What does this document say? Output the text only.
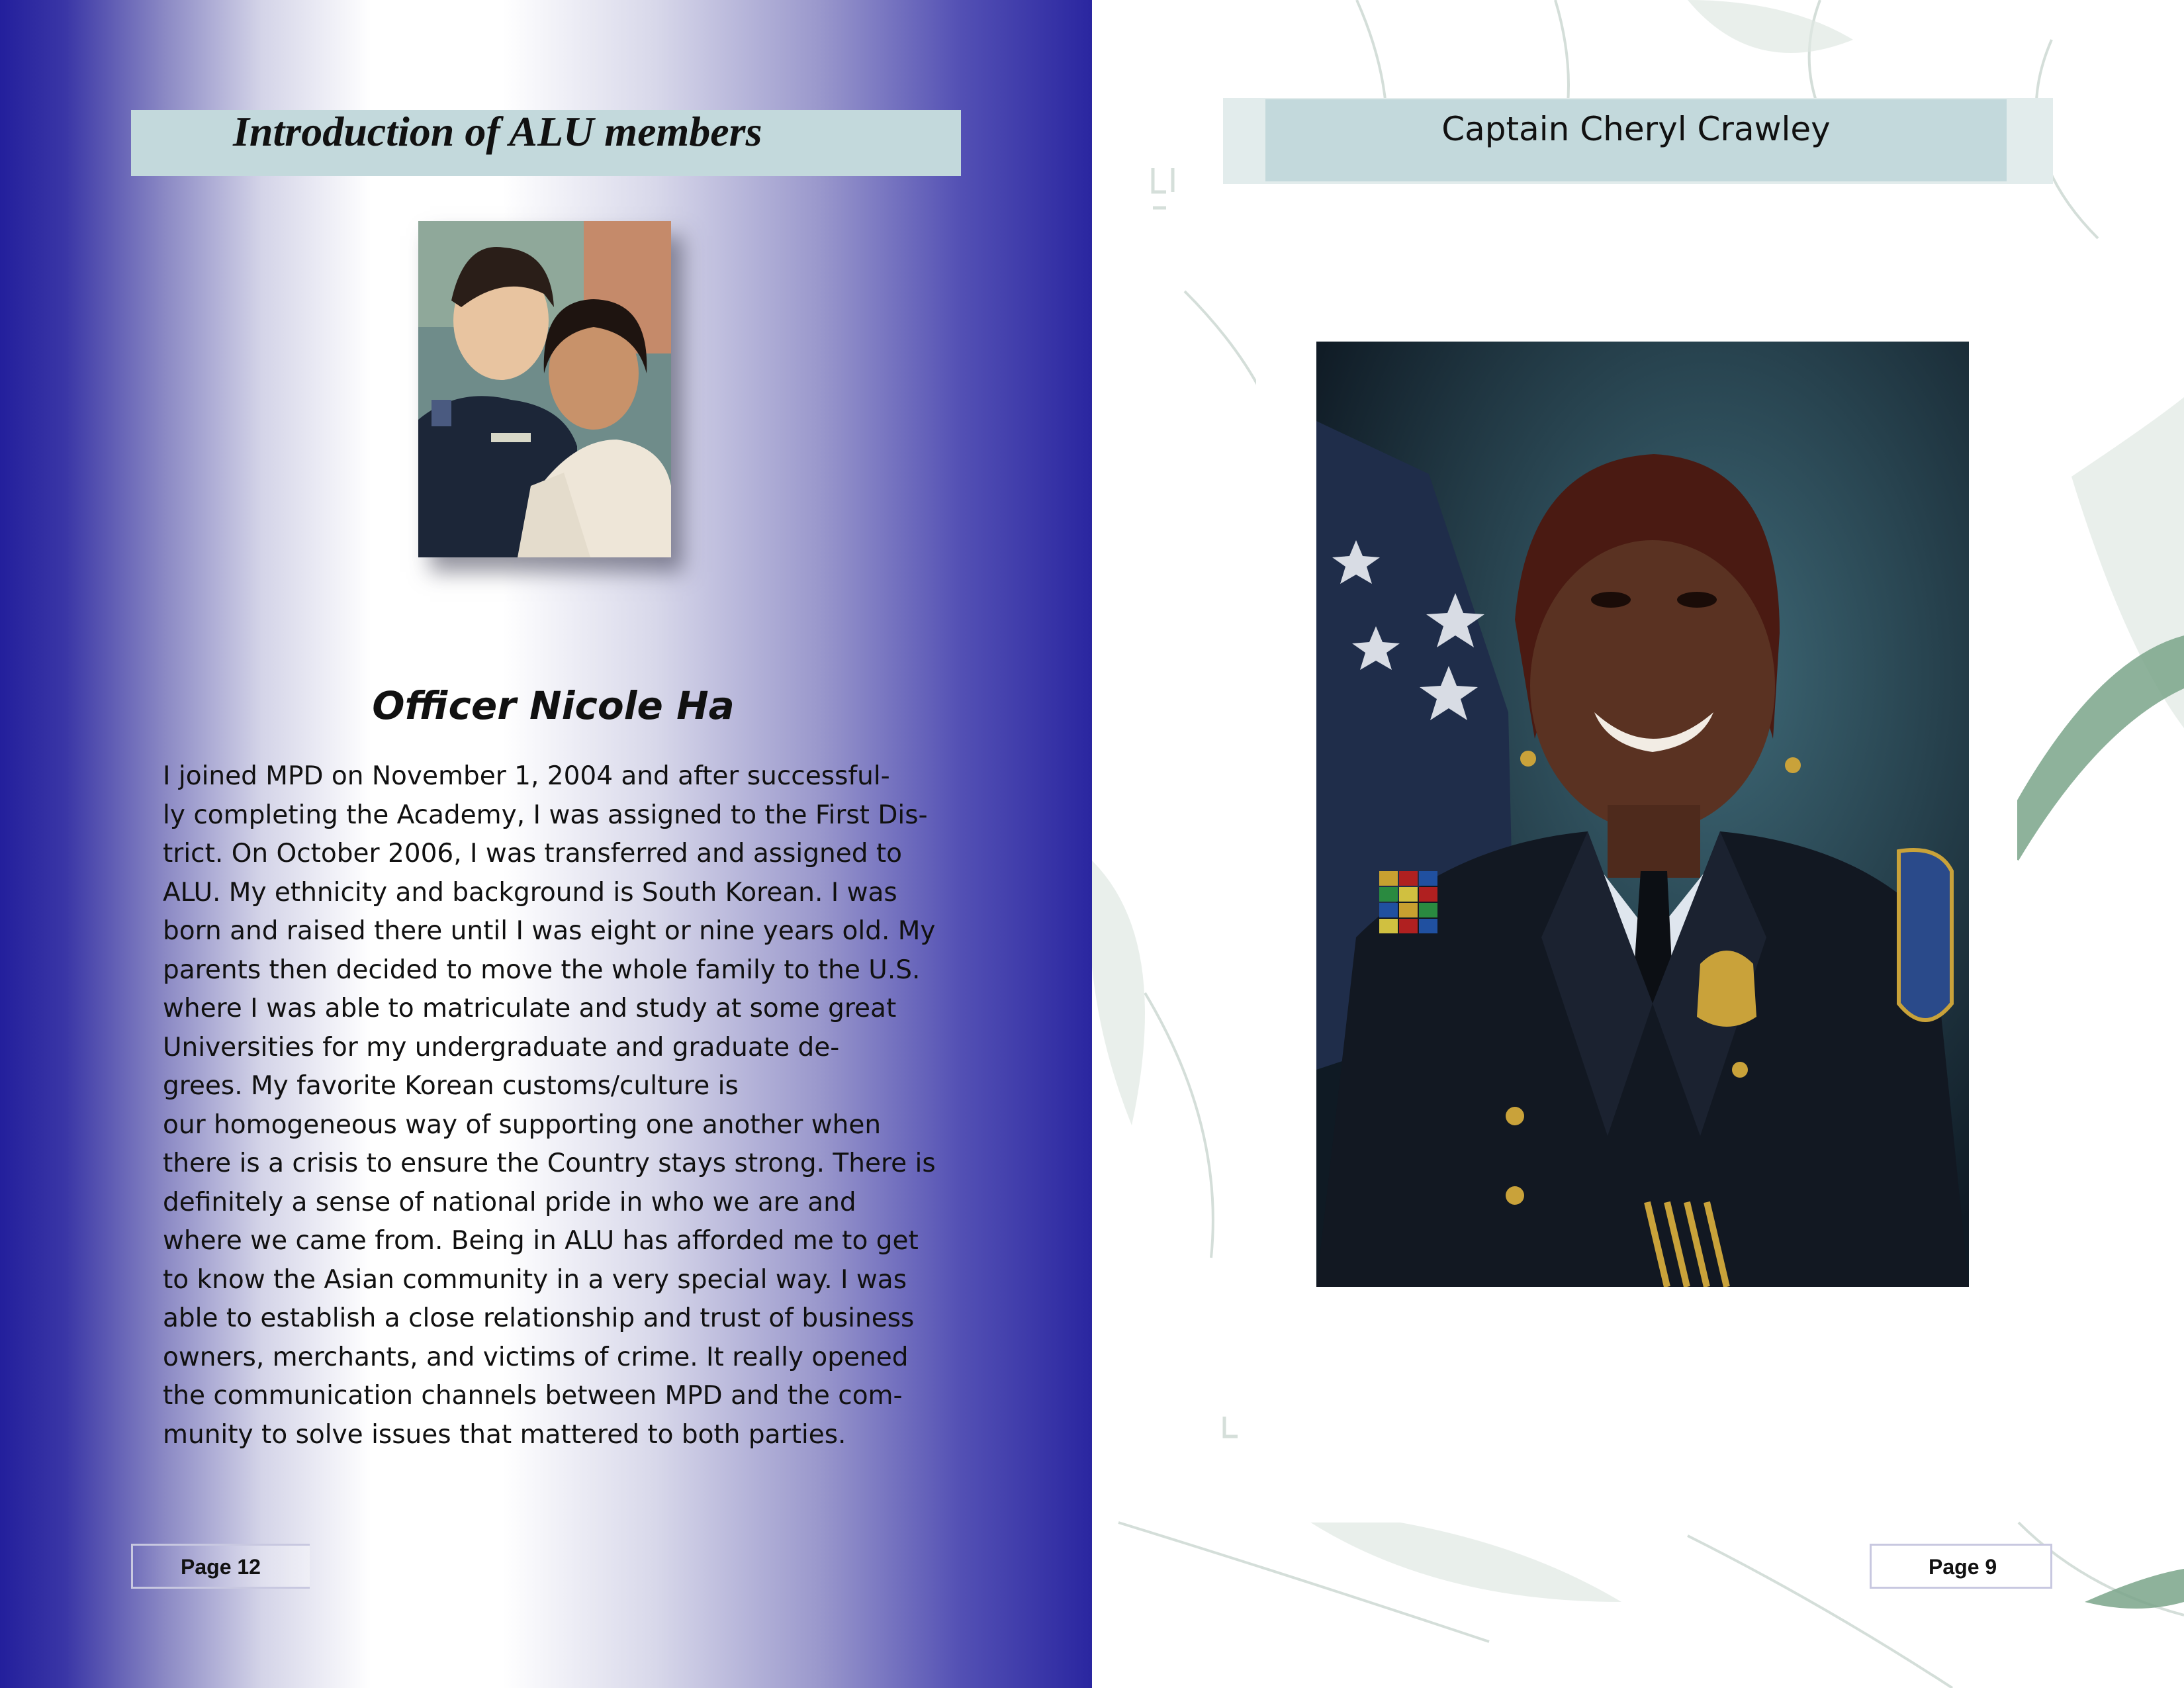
Introduction of ALU members
Officer Nicole Ha
I joined MPD on November 1, 2004 and after successful-
ly completing the Academy, I was assigned to the First Dis-
trict. On October 2006, I was transferred and assigned to
ALU. My ethnicity and background is South Korean. I was
born and raised there until I was eight or nine years old. My
parents then decided to move the whole family to the U.S.
where I was able to matriculate and study at some great
Universities for my undergraduate and graduate de-
grees. My favorite Korean customs/culture is
our homogeneous way of supporting one another when
there is a crisis to ensure the Country stays strong. There is
definitely a sense of national pride in who we are and
where we came from. Being in ALU has afforded me to get
to know the Asian community in a very special way. I was
able to establish a close relationship and trust of business
owners, merchants, and victims of crime. It really opened
the communication channels between MPD and the com-
munity to solve issues that mattered to both parties.
Page 12
Captain Cheryl Crawley
Page 9
